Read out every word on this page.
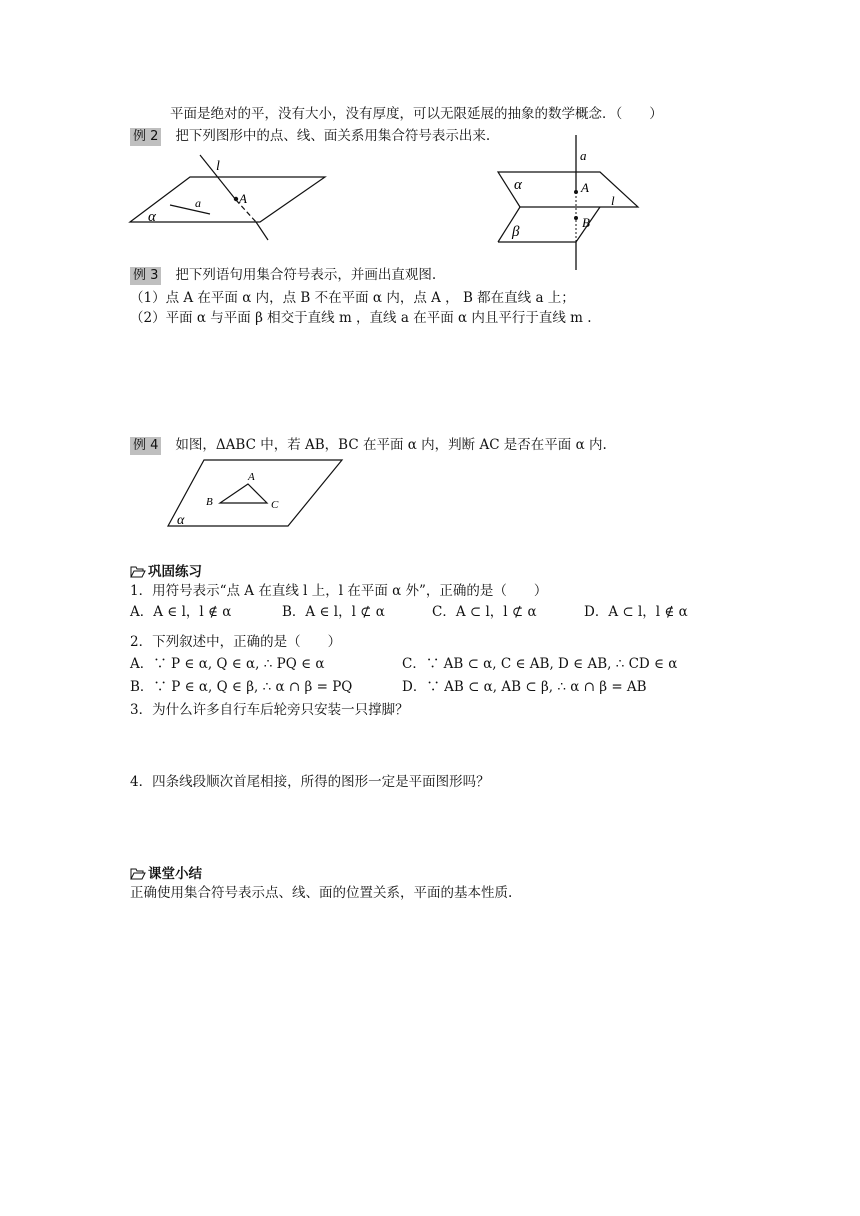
平面是绝对的平，没有大小，没有厚度，可以无限延展的抽象的数学概念．（　　）
例 2 把下列图形中的点、线、面关系用集合符号表示出来.
l
A
a
α
a
α	A
l
B
β
例 3 把下列语句用集合符号表示，并画出直观图.
（1）点 A 在平面 α 内，点 B 不在平面 α 内，点 A ， B 都在直线 a 上；
（2）平面 α 与平面 β 相交于直线 m ，直线 a 在平面 α 内且平行于直线 m .
例 4 如图，ΔABC 中，若 AB，BC 在平面 α 内，判断 AC 是否在平面 α 内.
A
B	C
α
巩固练习
1．用符号表示“点 A 在直线 l 上，l 在平面 α 外”，正确的是（　　）
A．A ∈ l，l ∉ α	B．A ∈ l，l ⊄ α	C．A ⊂ l，l ⊄ α	D．A ⊂ l，l ∉ α
2．下列叙述中，正确的是（　　）
A．∵ P ∈ α, Q ∈ α, ∴ PQ ∈ α	C．∵ AB ⊂ α, C ∈ AB, D ∈ AB, ∴ CD ∈ α
B．∵ P ∈ α, Q ∈ β, ∴ α ∩ β = PQ	D．∵ AB ⊂ α, AB ⊂ β, ∴ α ∩ β = AB
3．为什么许多自行车后轮旁只安装一只撑脚？
4．四条线段顺次首尾相接，所得的图形一定是平面图形吗？
课堂小结
正确使用集合符号表示点、线、面的位置关系，平面的基本性质.
